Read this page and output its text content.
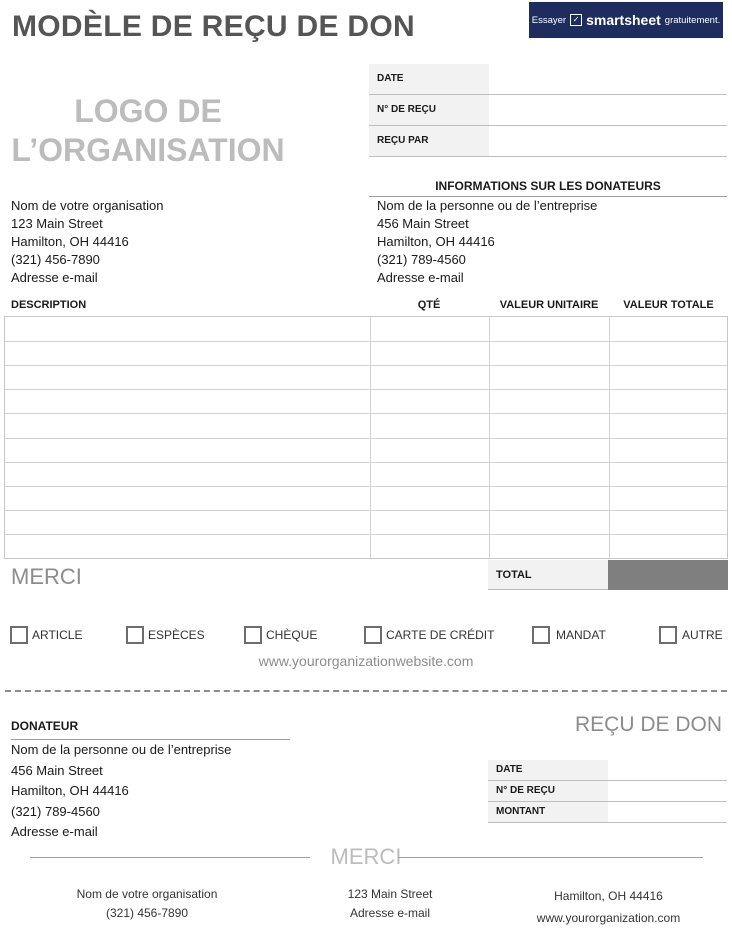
MODÈLE DE REÇU DE DON	Essayer ✓ smartsheet gratuitement.
LOGO DE
L’ORGANISATION
DATE
N° DE REÇU
REÇU PAR
INFORMATIONS SUR LES DONATEURS
Nom de votre organisation
123 Main Street
Hamilton, OH 44416
(321) 456-7890
Adresse e-mail
Nom de la personne ou de l’entreprise
456 Main Street
Hamilton, OH 44416
(321) 789-4560
Adresse e-mail
DESCRIPTION	QTÉ	VALEUR UNITAIRE	VALEUR TOTALE
MERCI	TOTAL
ARTICLE	ESPÈCES	CHÈQUE	CARTE DE CRÉDIT	MANDAT	AUTRE
www.yourorganizationwebsite.com
DONATEUR	REÇU DE DON
Nom de la personne ou de l’entreprise
456 Main Street
Hamilton, OH 44416
(321) 789-4560
Adresse e-mail
DATE
N° DE REÇU
MONTANT
MERCI
Nom de votre organisation
(321) 456-7890
123 Main Street
Adresse e-mail
Hamilton, OH 44416
www.yourorganization.com
